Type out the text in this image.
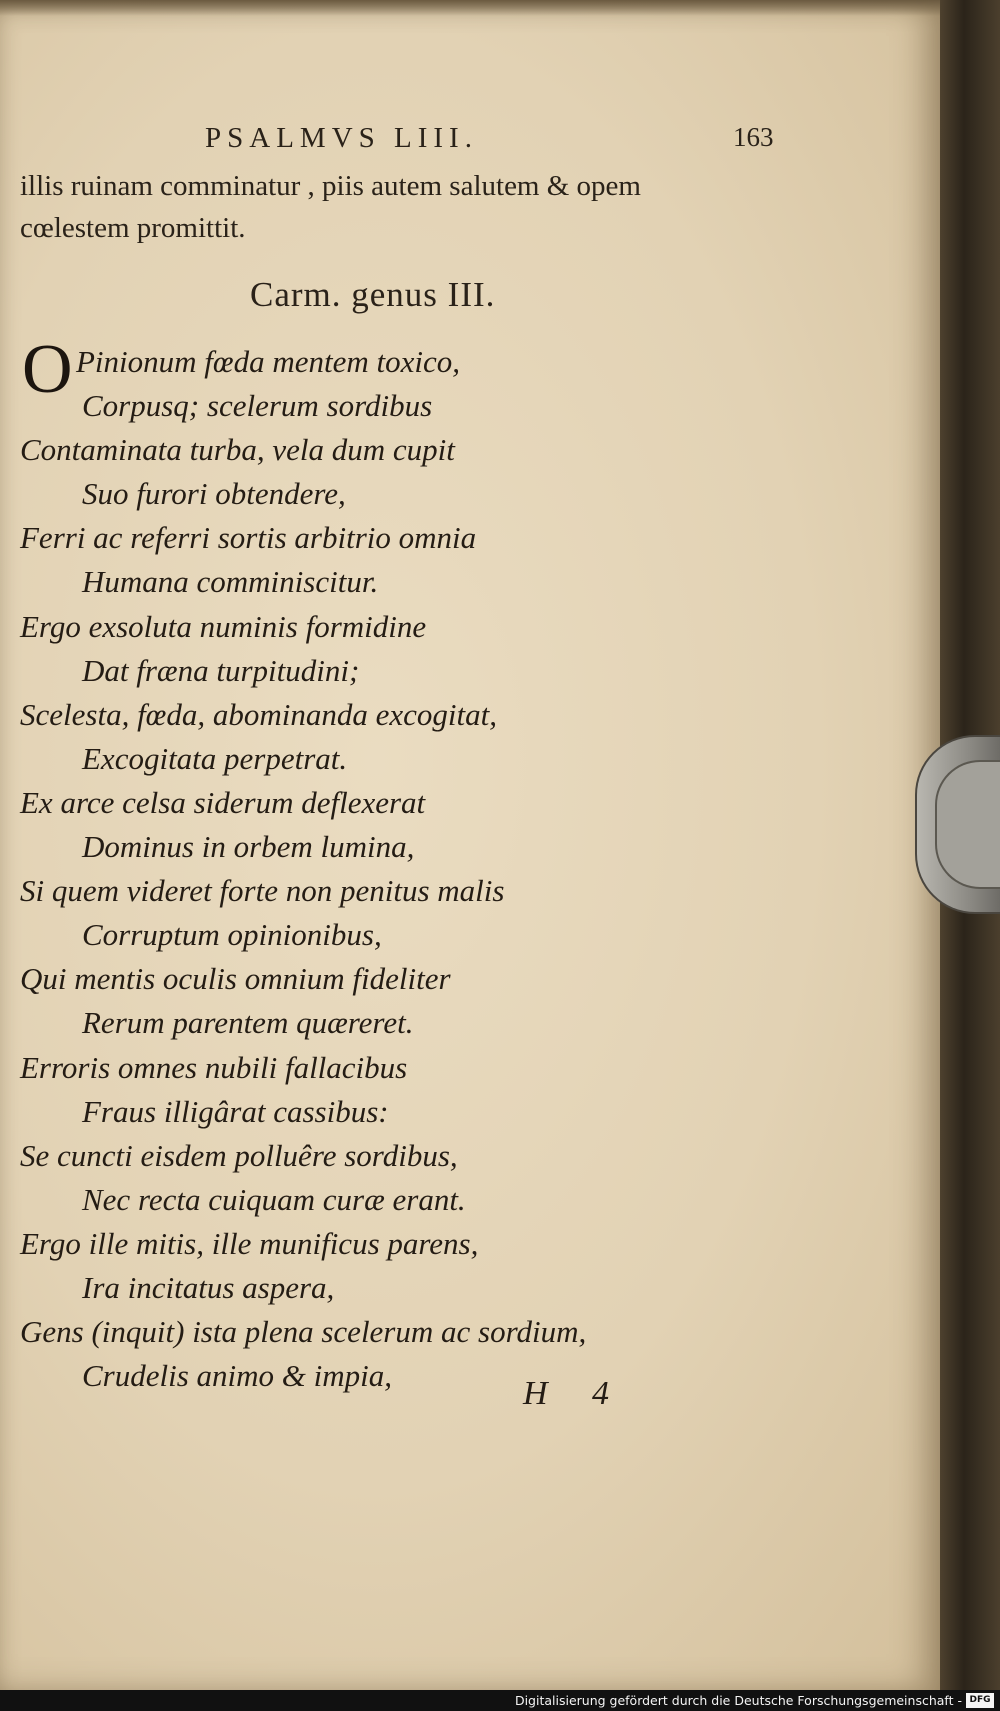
PSALMVS LIII.	163
illis ruinam comminatur , piis autem salutem & opem
cœlestem promittit.
Carm. genus III.
O Pinionum fœda mentem toxico,
Corpusq; scelerum sordibus
Contaminata turba, vela dum cupit
Suo furori obtendere,
Ferri ac referri sortis arbitrio omnia
Humana comminiscitur.
Ergo exsoluta numinis formidine
Dat fræna turpitudini;
Scelesta, fœda, abominanda excogitat,
Excogitata perpetrat.
Ex arce celsa siderum deflexerat
Dominus in orbem lumina,
Si quem videret forte non penitus malis
Corruptum opinionibus,
Qui mentis oculis omnium fideliter
Rerum parentem quæreret.
Erroris omnes nubili fallacibus
Fraus illigârat cassibus:
Se cuncti eisdem polluêre sordibus,
Nec recta cuiquam curæ erant.
Ergo ille mitis, ille munificus parens,
Ira incitatus aspera,
Gens (inquit) ista plena scelerum ac sordium,
Crudelis animo & impia,	H 4
Digitalisierung gefördert durch die Deutsche Forschungsgemeinschaft - DFG
